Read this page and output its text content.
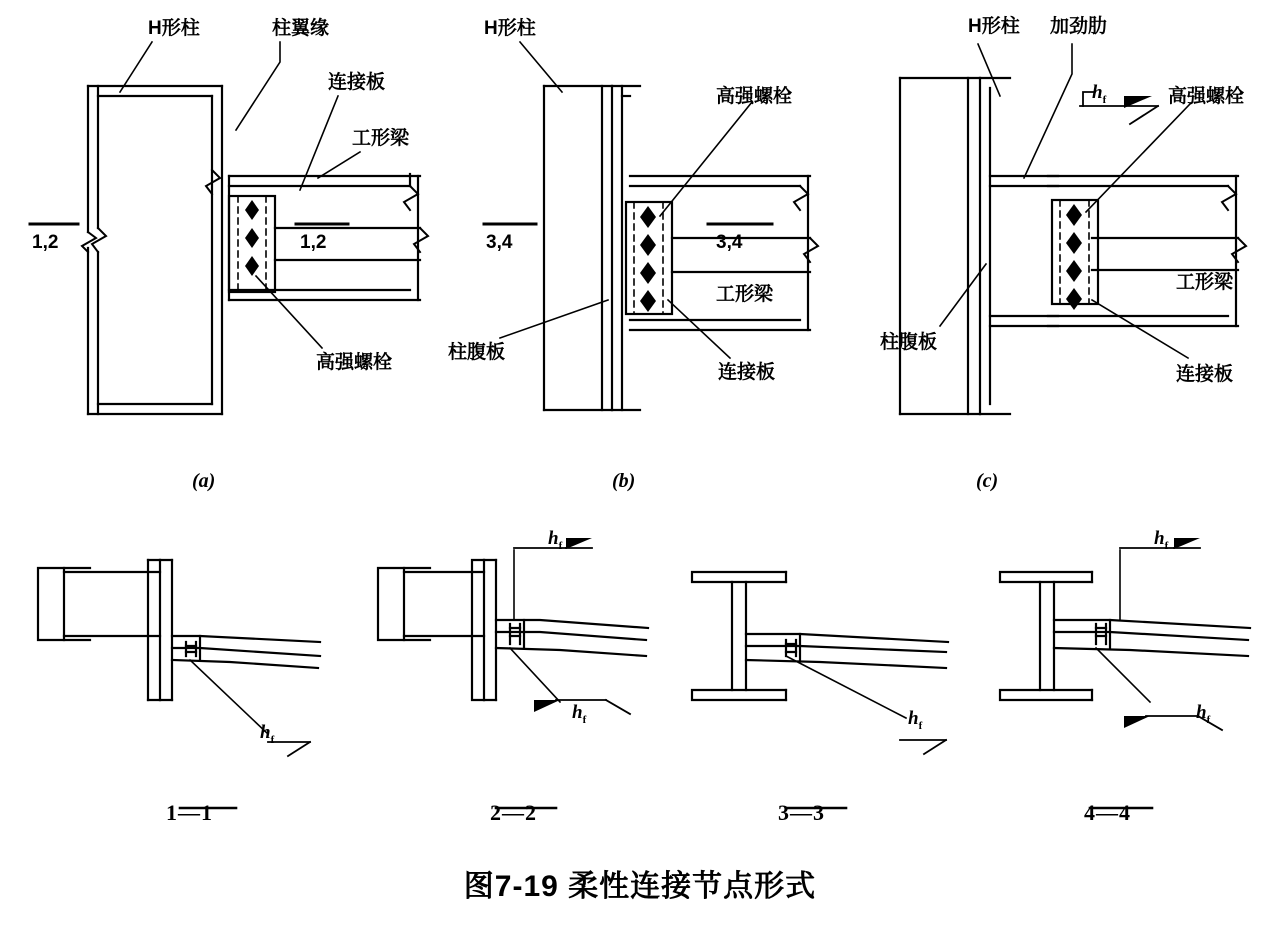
H形柱	柱翼缘
连接板
工形梁
高强螺栓
1,2	1,2
(a)
H形柱
高强螺栓
工形梁
柱腹板
连接板
3,4	3,4
(b)
H形柱 加劲肋
高强螺栓
柱腹板
工形梁
连接板
$h_f$
(c)
$h_f$
$h_f$
$h_f$	$h_f$
$h_f$
$h_f$
1—1	2—2	3—3	4—4
图7-19 柔性连接节点形式
